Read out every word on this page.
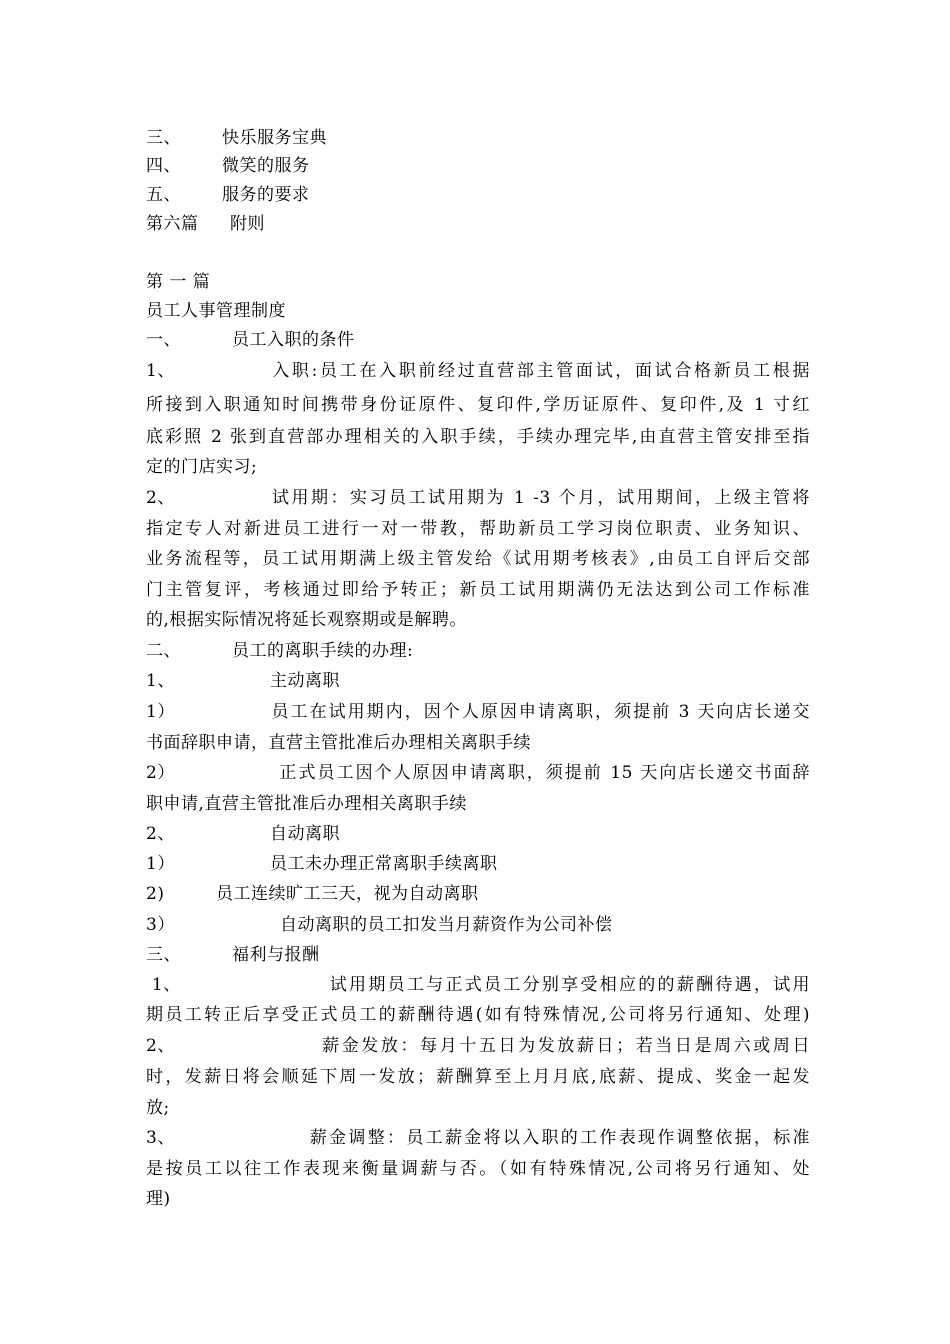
三、 快乐服务宝典
四、 微笑的服务
五、 服务的要求
第六篇 附则
第 一 篇
员工人事管理制度
一、	员工入职的条件
1、	入职:员工在入职前经过直营部主管面试，面试合格新员工根据
所接到入职通知时间携带身份证原件、复印件,学历证原件、复印件,及 1 寸红
底彩照 2 张到直营部办理相关的入职手续，手续办理完毕,由直营主管安排至指
定的门店实习;
2、	试用期：实习员工试用期为 1 -3 个月，试用期间，上级主管将
指定专人对新进员工进行一对一带教，帮助新员工学习岗位职责、业务知识、
业务流程等，员工试用期满上级主管发给《试用期考核表》,由员工自评后交部
门主管复评，考核通过即给予转正；新员工试用期满仍无法达到公司工作标准
的,根据实际情况将延长观察期或是解聘。
二、	员工的离职手续的办理:
1、	主动离职
1）	员工在试用期内，因个人原因申请离职，须提前 3 天向店长递交
书面辞职申请，直营主管批准后办理相关离职手续
2）	正式员工因个人原因申请离职，须提前 15 天向店长递交书面辞
职申请,直营主管批准后办理相关离职手续
2、	自动离职
1）	员工未办理正常离职手续离职
2)	员工连续旷工三天，视为自动离职
3）	自动离职的员工扣发当月薪资作为公司补偿
三、	福利与报酬
1、	试用期员工与正式员工分别享受相应的的薪酬待遇，试用
期员工转正后享受正式员工的薪酬待遇(如有特殊情况,公司将另行通知、处理)
2、	薪金发放：每月十五日为发放薪日；若当日是周六或周日
时，发薪日将会顺延下周一发放；薪酬算至上月月底,底薪、提成、奖金一起发
放;
3、	薪金调整：员工薪金将以入职的工作表现作调整依据，标准
是按员工以往工作表现来衡量调薪与否。（如有特殊情况,公司将另行通知、处
理)
